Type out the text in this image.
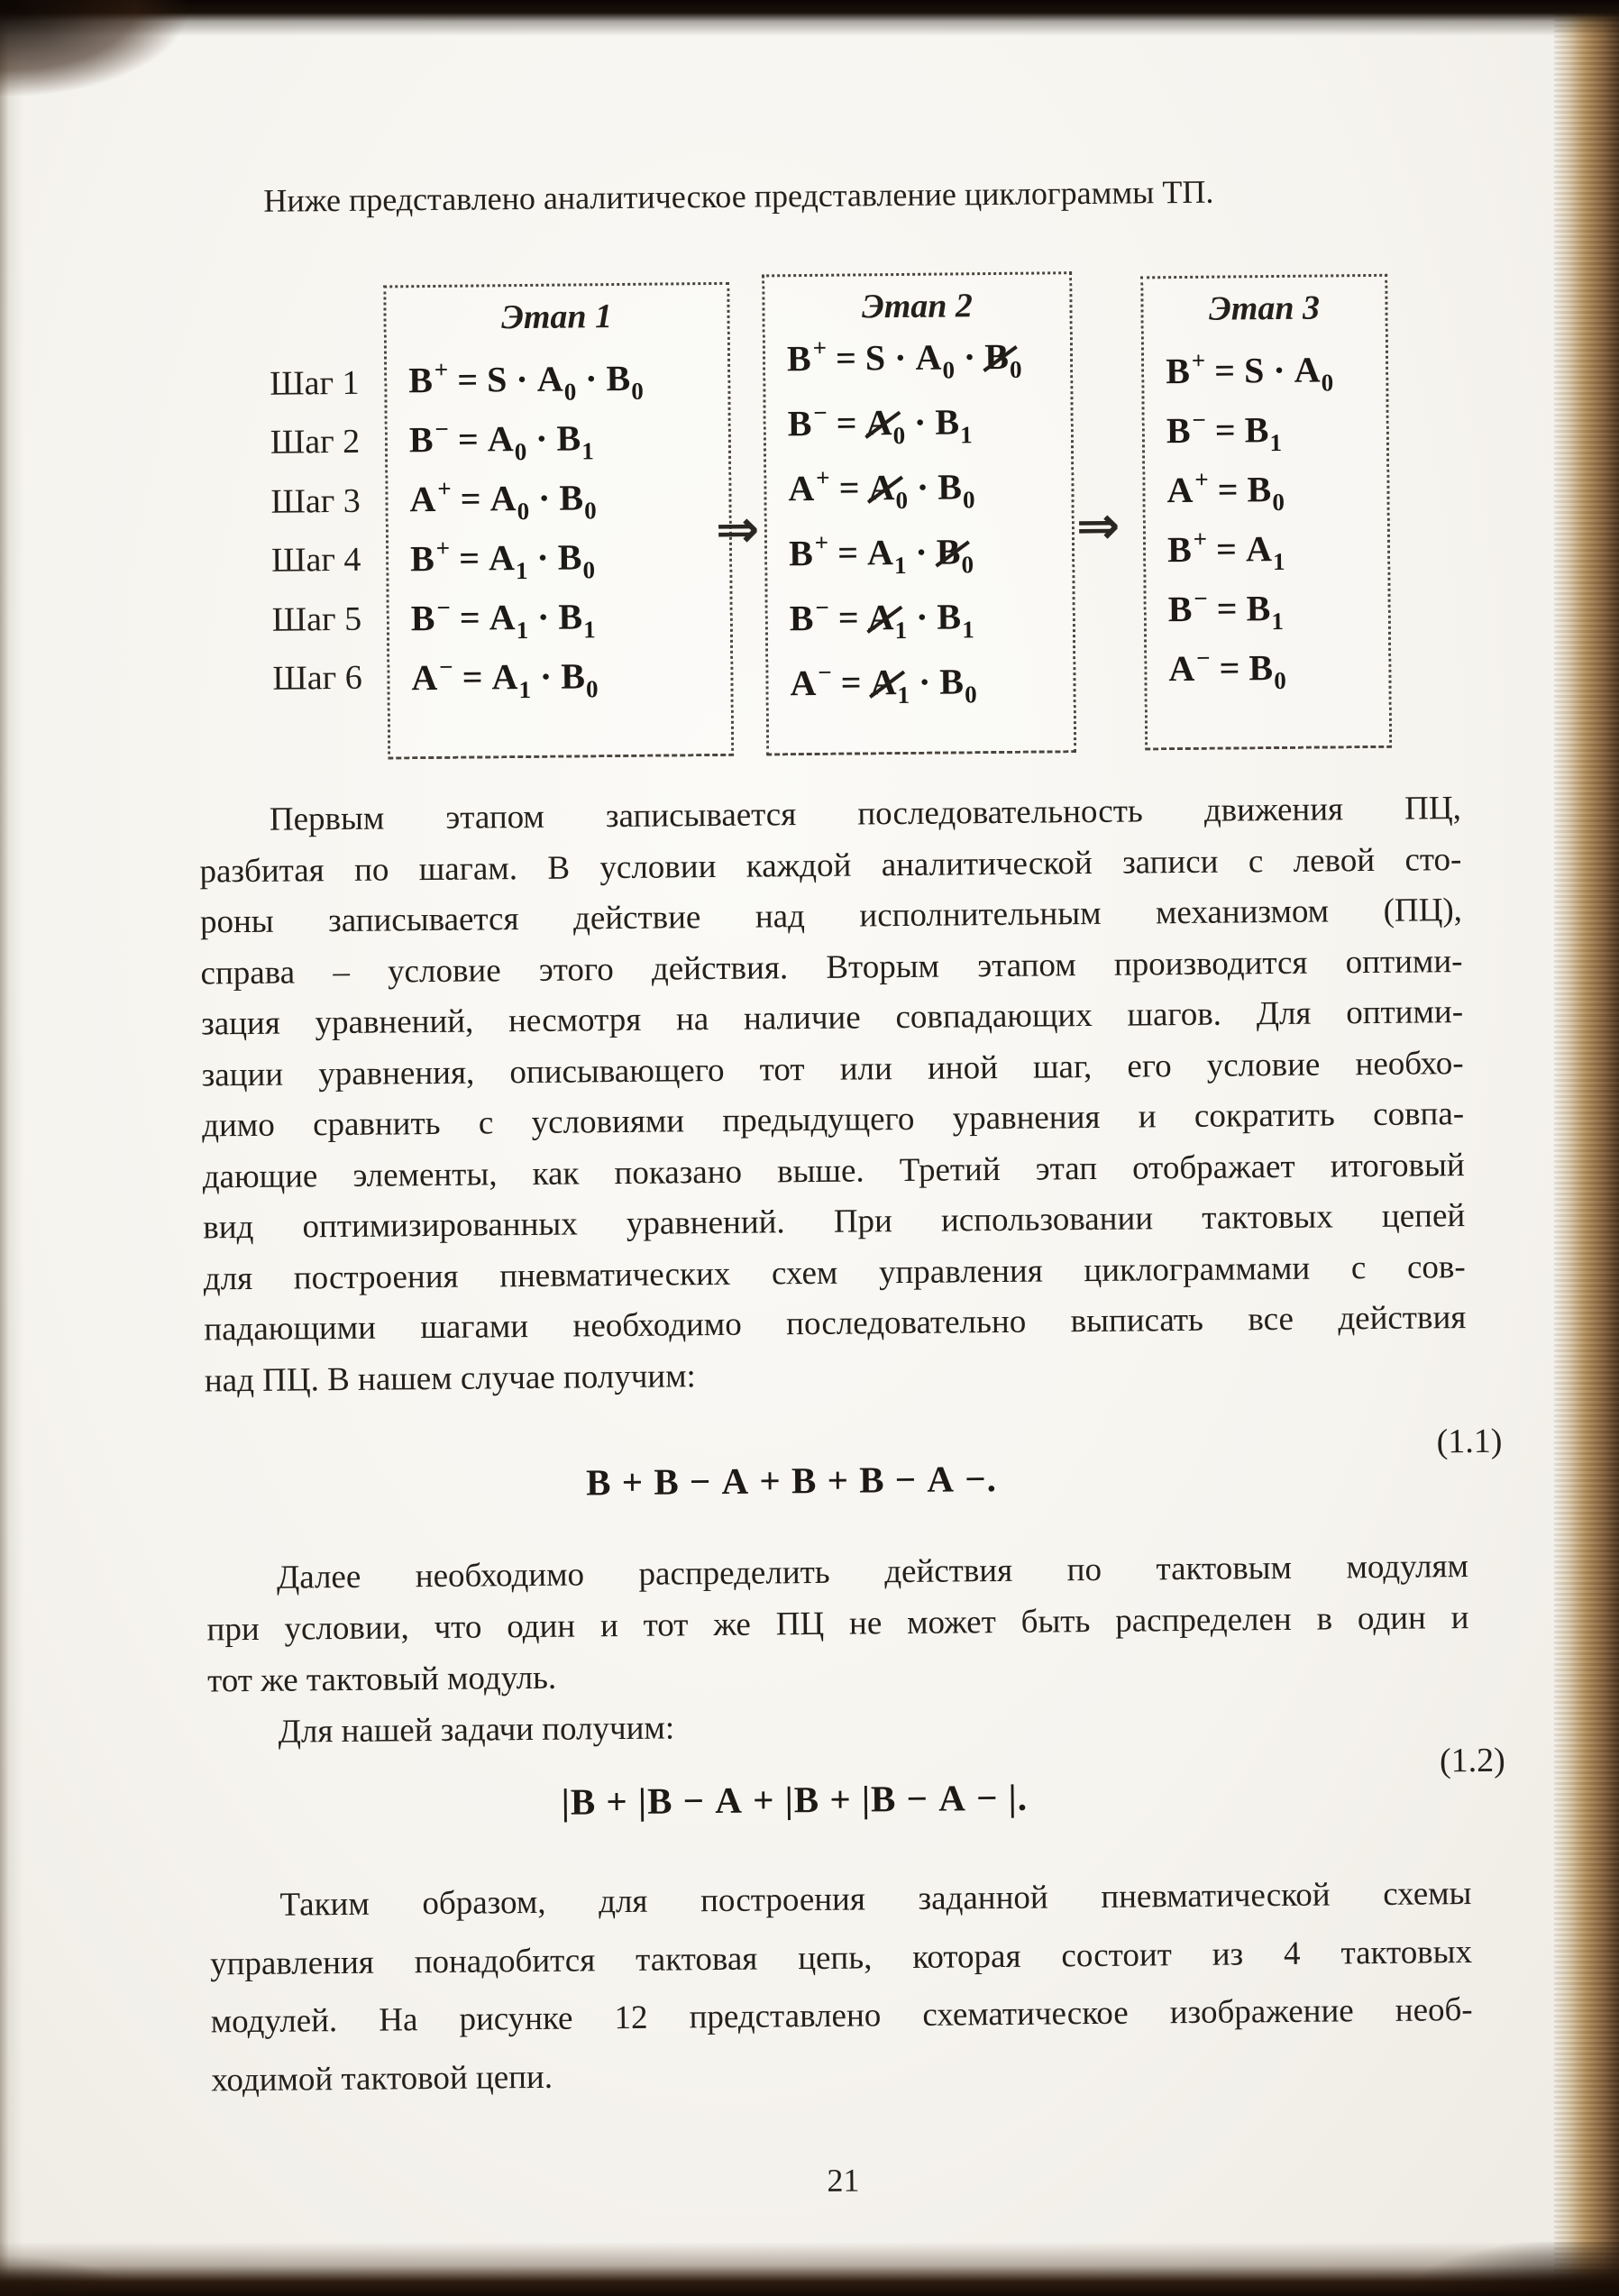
Ниже представлено аналитическое представление циклограммы ТП.
Шаг 1
Шаг 2
Шаг 3
Шаг 4
Шаг 5
Шаг 6
Этап 1
$B^+ = S \cdot A_0 \cdot B_0$
$B^- = A_0 \cdot B_1$
$A^+ = A_0 \cdot B_0$
$B^+ = A_1 \cdot B_0$
$B^- = A_1 \cdot B_1$
$A^- = A_1 \cdot B_0$
⇒
Этап 2
$B^+ = S \cdot A_0 \cdot B_0$
$B^- = A_0 \cdot B_1$
$A^+ = A_0 \cdot B_0$
$B^+ = A_1 \cdot B_0$
$B^- = A_1 \cdot B_1$
$A^- = A_1 \cdot B_0$
⇒
Этап 3
$B^+ = S \cdot A_0$
$B^- = B_1$
$A^+ = B_0$
$B^+ = A_1$
$B^- = B_1$
$A^- = B_0$
Первым этапом записывается последовательность движения ПЦ,
разбитая по шагам. В условии каждой аналитической записи с левой сто-
роны записывается действие над исполнительным механизмом (ПЦ),
справа – условие этого действия. Вторым этапом производится оптими-
зация уравнений, несмотря на наличие совпадающих шагов. Для оптими-
зации уравнения, описывающего тот или иной шаг, его условие необхо-
димо сравнить с условиями предыдущего уравнения и сократить совпа-
дающие элементы, как показано выше. Третий этап отображает итоговый
вид оптимизированных уравнений. При использовании тактовых цепей
для построения пневматических схем управления циклограммами с сов-
падающими шагами необходимо последовательно выписать все действия
над ПЦ. В нашем случае получим:
В + В − А + В + В − А −.
(1.1)
Далее необходимо распределить действия по тактовым модулям
при условии, что один и тот же ПЦ не может быть распределен в один и
тот же тактовый модуль.
Для нашей задачи получим:
|В + |В − А + |В + |В − А − |.
(1.2)
Таким образом, для построения заданной пневматической схемы
управления понадобится тактовая цепь, которая состоит из 4 тактовых
модулей. На рисунке 12 представлено схематическое изображение необ-
ходимой тактовой цепи.
21
